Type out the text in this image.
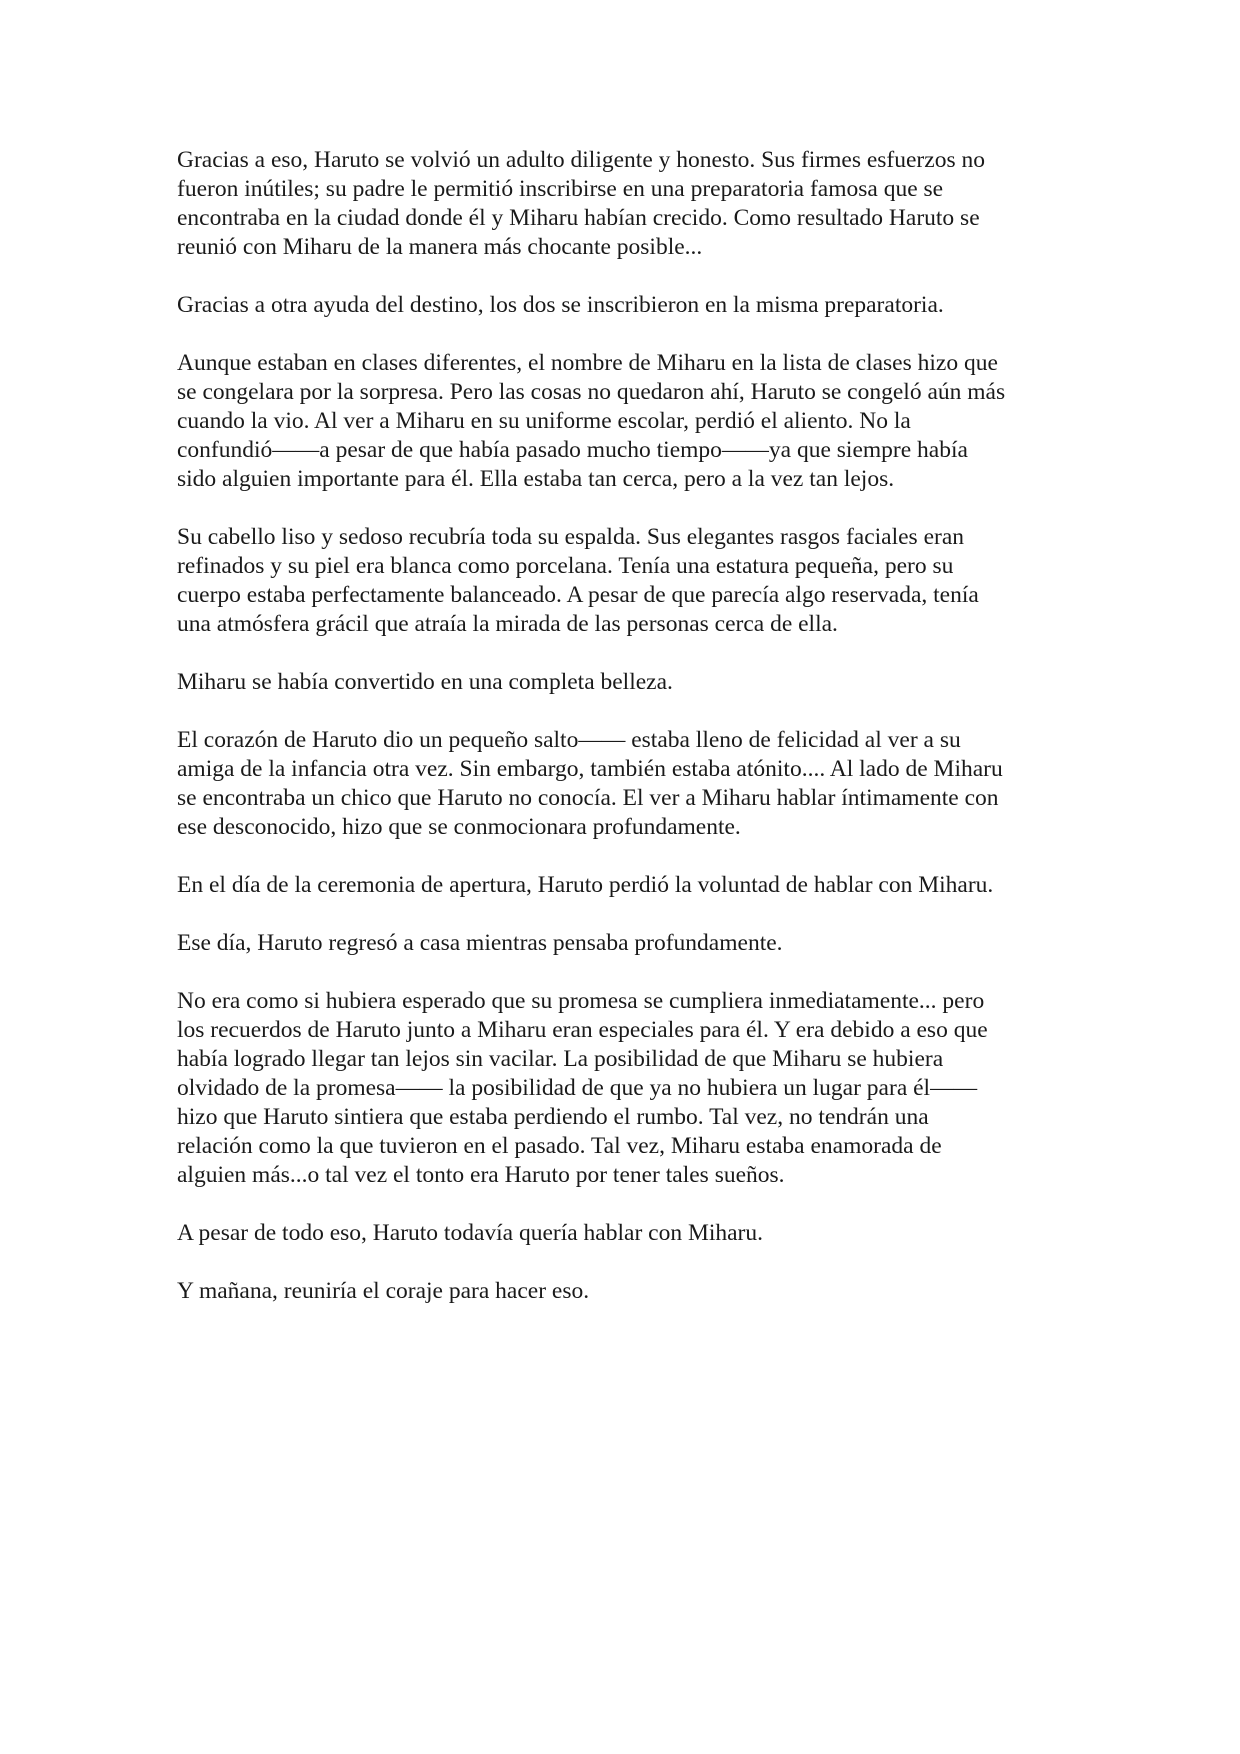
Gracias a eso, Haruto se volvió un adulto diligente y honesto. Sus firmes esfuerzos no
fueron inútiles; su padre le permitió inscribirse en una preparatoria famosa que se
encontraba en la ciudad donde él y Miharu habían crecido. Como resultado Haruto se
reunió con Miharu de la manera más chocante posible...

Gracias a otra ayuda del destino, los dos se inscribieron en la misma preparatoria.

Aunque estaban en clases diferentes, el nombre de Miharu en la lista de clases hizo que
se congelara por la sorpresa. Pero las cosas no quedaron ahí, Haruto se congeló aún más
cuando la vio. Al ver a Miharu en su uniforme escolar, perdió el aliento. No la
confundió——a pesar de que había pasado mucho tiempo——ya que siempre había
sido alguien importante para él. Ella estaba tan cerca, pero a la vez tan lejos.

Su cabello liso y sedoso recubría toda su espalda. Sus elegantes rasgos faciales eran
refinados y su piel era blanca como porcelana. Tenía una estatura pequeña, pero su
cuerpo estaba perfectamente balanceado. A pesar de que parecía algo reservada, tenía
una atmósfera grácil que atraía la mirada de las personas cerca de ella.

Miharu se había convertido en una completa belleza.

El corazón de Haruto dio un pequeño salto—— estaba lleno de felicidad al ver a su
amiga de la infancia otra vez. Sin embargo, también estaba atónito.... Al lado de Miharu
se encontraba un chico que Haruto no conocía. El ver a Miharu hablar íntimamente con
ese desconocido, hizo que se conmocionara profundamente.

En el día de la ceremonia de apertura, Haruto perdió la voluntad de hablar con Miharu.

Ese día, Haruto regresó a casa mientras pensaba profundamente.

No era como si hubiera esperado que su promesa se cumpliera inmediatamente... pero
los recuerdos de Haruto junto a Miharu eran especiales para él. Y era debido a eso que
había logrado llegar tan lejos sin vacilar. La posibilidad de que Miharu se hubiera
olvidado de la promesa—— la posibilidad de que ya no hubiera un lugar para él——
hizo que Haruto sintiera que estaba perdiendo el rumbo. Tal vez, no tendrán una
relación como la que tuvieron en el pasado. Tal vez, Miharu estaba enamorada de
alguien más...o tal vez el tonto era Haruto por tener tales sueños.

A pesar de todo eso, Haruto todavía quería hablar con Miharu.

Y mañana, reuniría el coraje para hacer eso.
